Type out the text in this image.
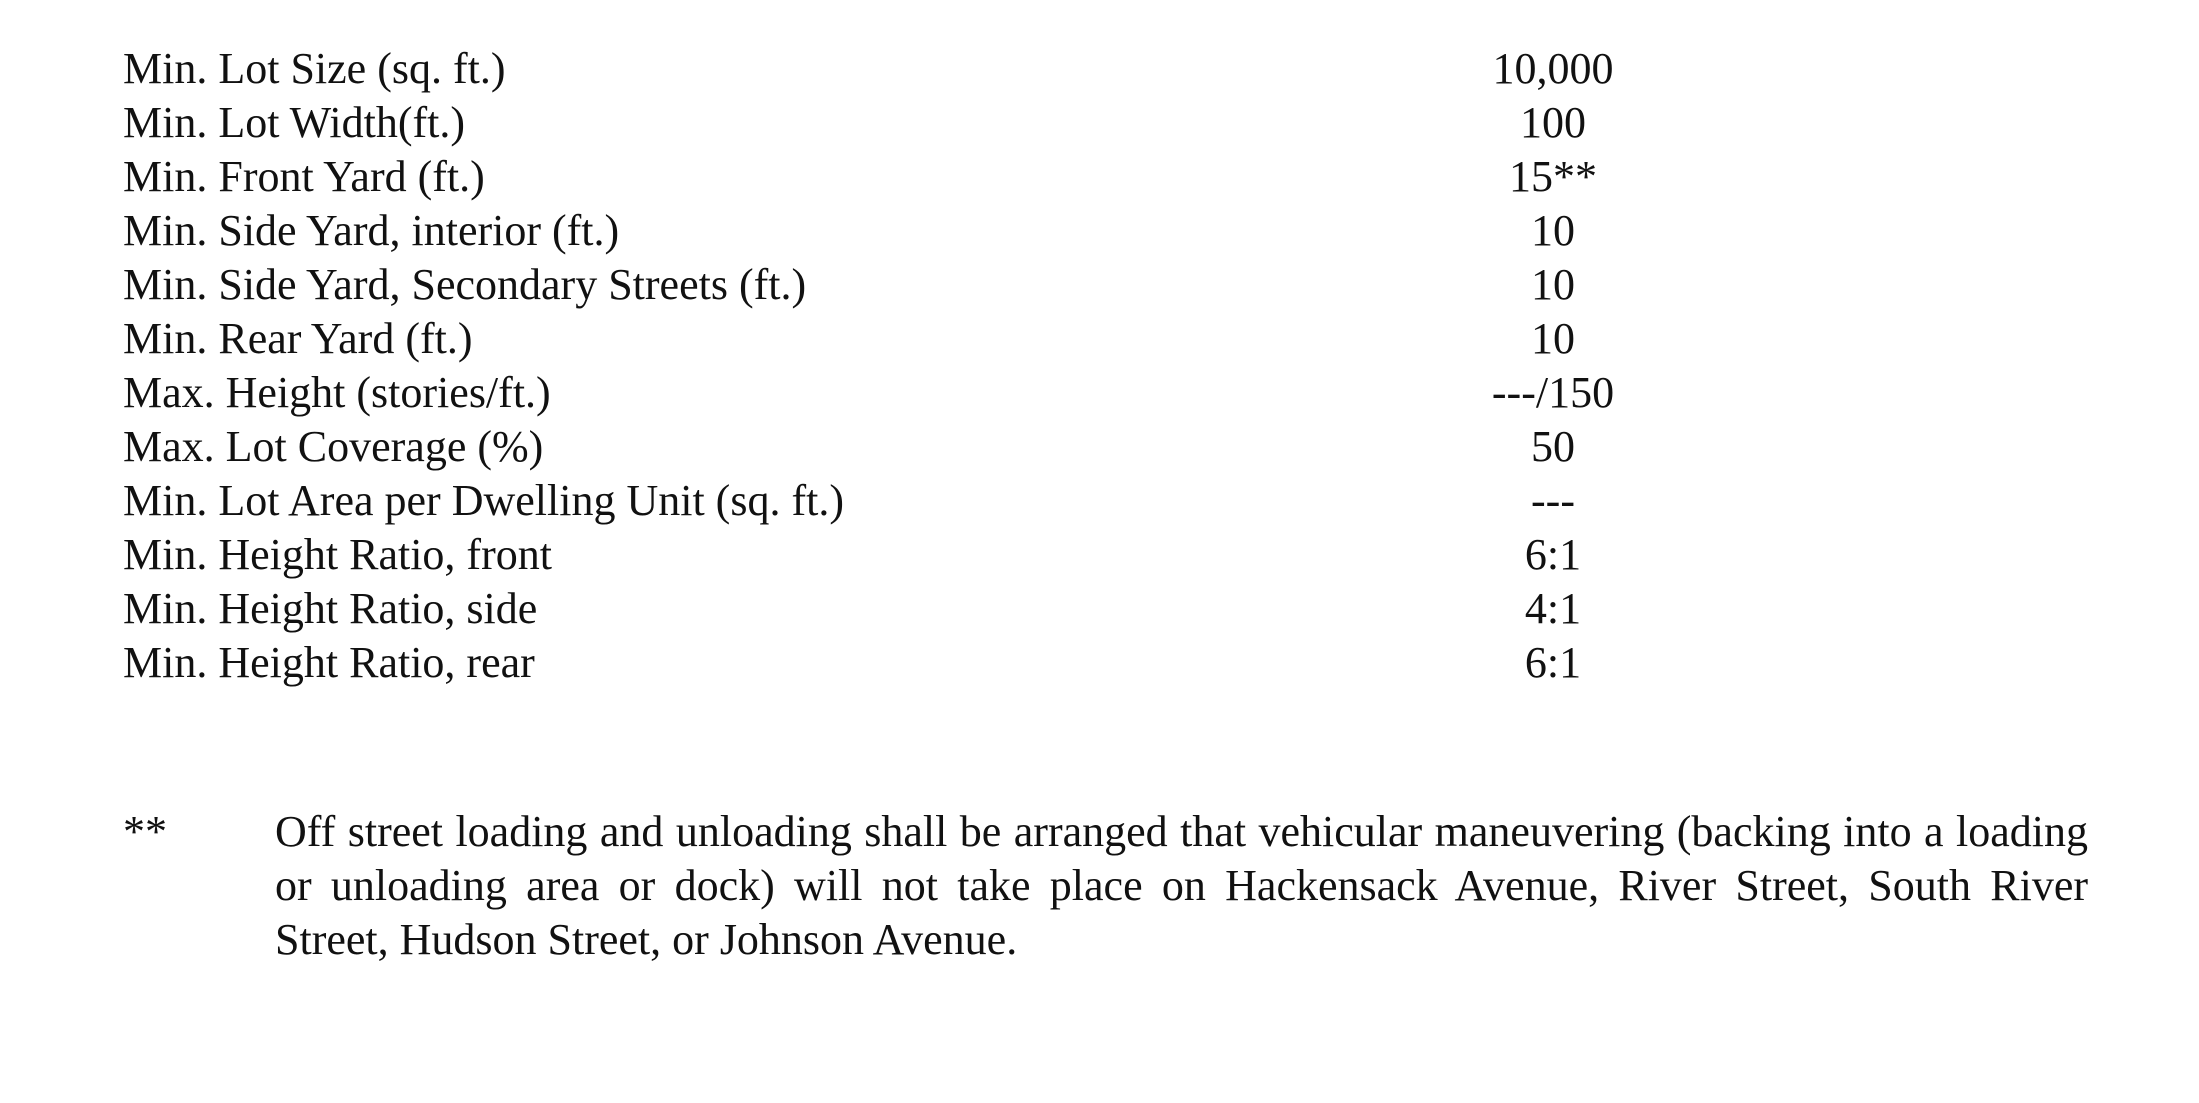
Min. Lot Size (sq. ft.)	10,000
Min. Lot Width(ft.)	100
Min. Front Yard (ft.)	15**
Min. Side Yard, interior (ft.)	10
Min. Side Yard, Secondary Streets (ft.)	10
Min. Rear Yard (ft.)	10
Max. Height (stories/ft.)	---/150
Max. Lot Coverage (%)	50
Min. Lot Area per Dwelling Unit (sq. ft.)	---
Min. Height Ratio, front	6:1
Min. Height Ratio, side	4:1
Min. Height Ratio, rear	6:1
** Off street loading and unloading shall be arranged that vehicular maneuvering (backing into a loading or unloading area or dock) will not take place on Hackensack Avenue, River Street, South River Street, Hudson Street, or Johnson Avenue.
